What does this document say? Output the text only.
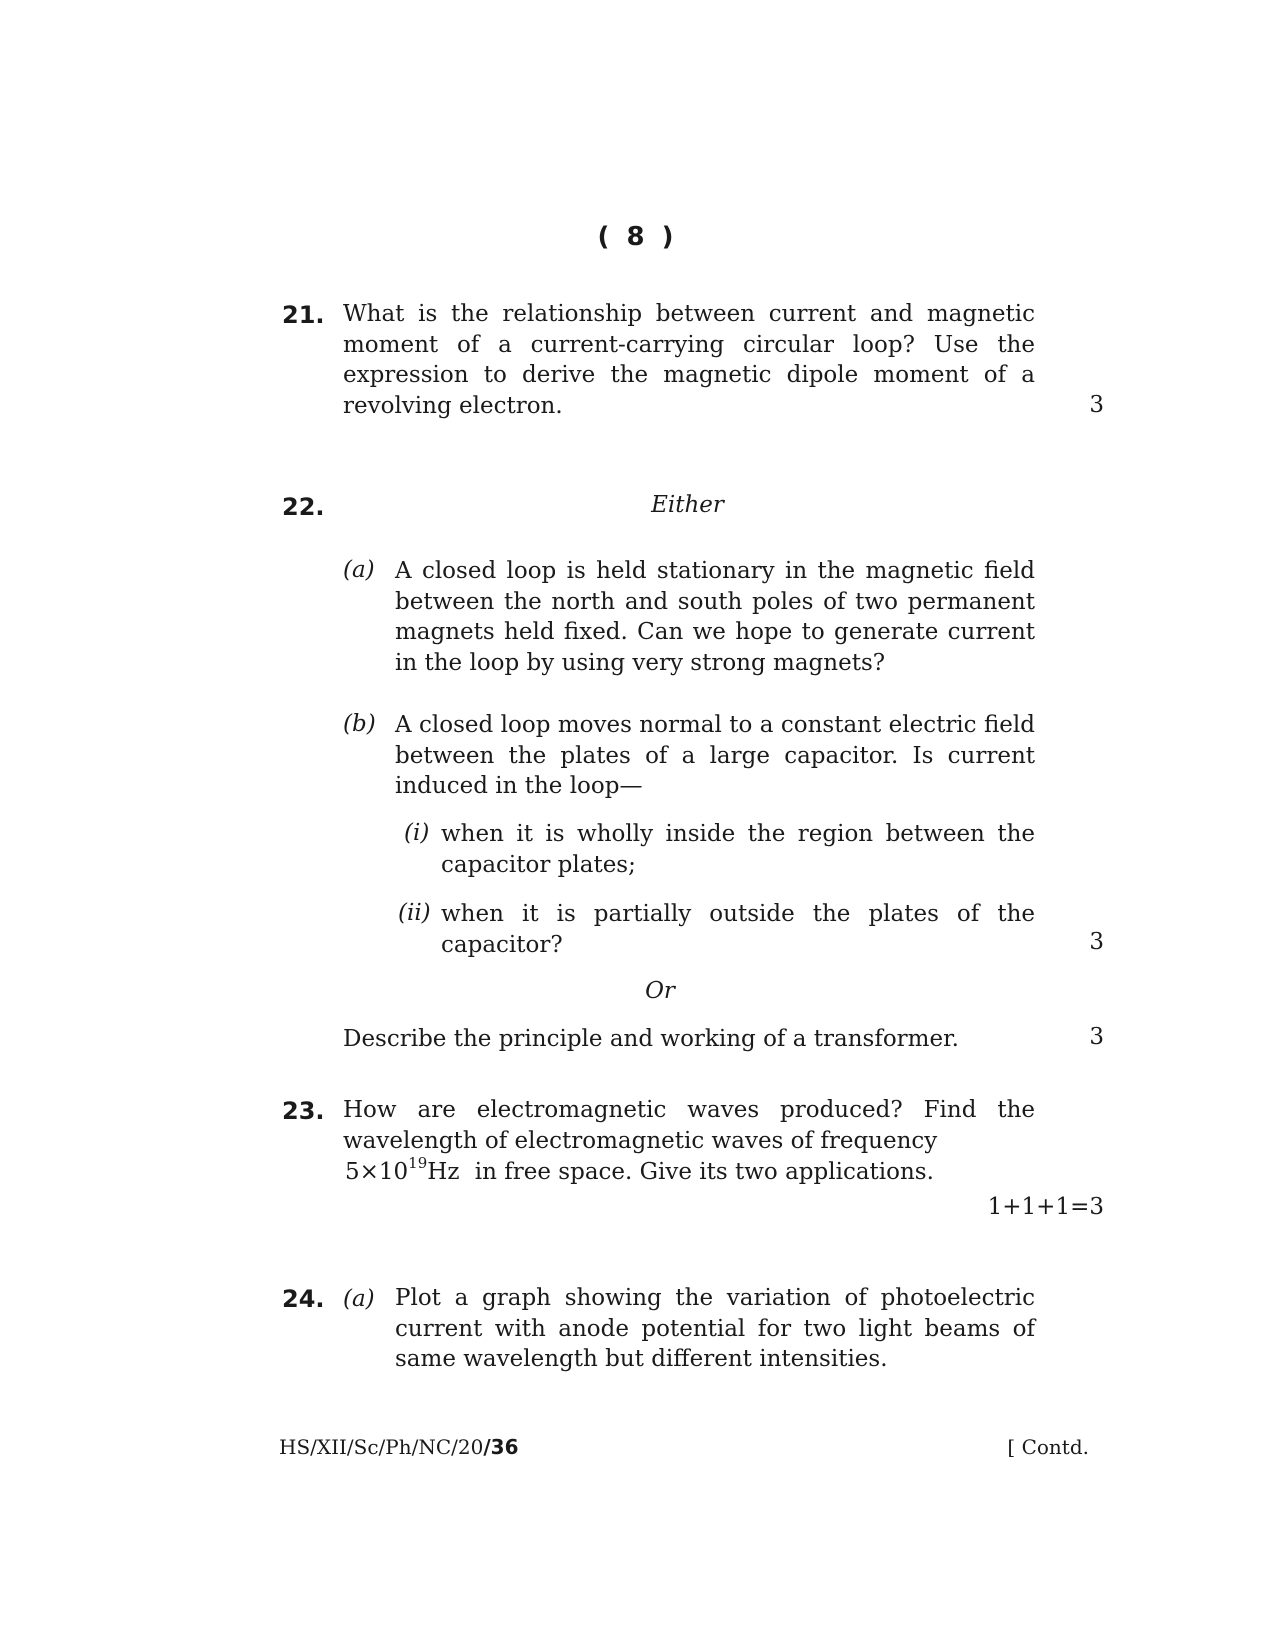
( 8 )
21. What is the relationship between current and magnetic moment of a current-carrying circular loop? Use the expression to derive the magnetic dipole moment of a revolving electron.	3
22.	Either
(a) A closed loop is held stationary in the magnetic field between the north and south poles of two permanent magnets held fixed. Can we hope to generate current in the loop by using very strong magnets?
(b) A closed loop moves normal to a constant electric field between the plates of a large capacitor. Is current induced in the loop—
(i) when it is wholly inside the region between the capacitor plates;
(ii) when it is partially outside the plates of the capacitor?	3
Or
Describe the principle and working of a transformer.	3
23. How are electromagnetic waves produced? Find the wavelength of electromagnetic waves of frequency
$5\times 10^{19}Hz$ in free space. Give its two applications.
1+1+1=3
24. (a) Plot a graph showing the variation of photoelectric current with anode potential for two light beams of same wavelength but different intensities.
HS/XII/Sc/Ph/NC/20/36	[ Contd.
